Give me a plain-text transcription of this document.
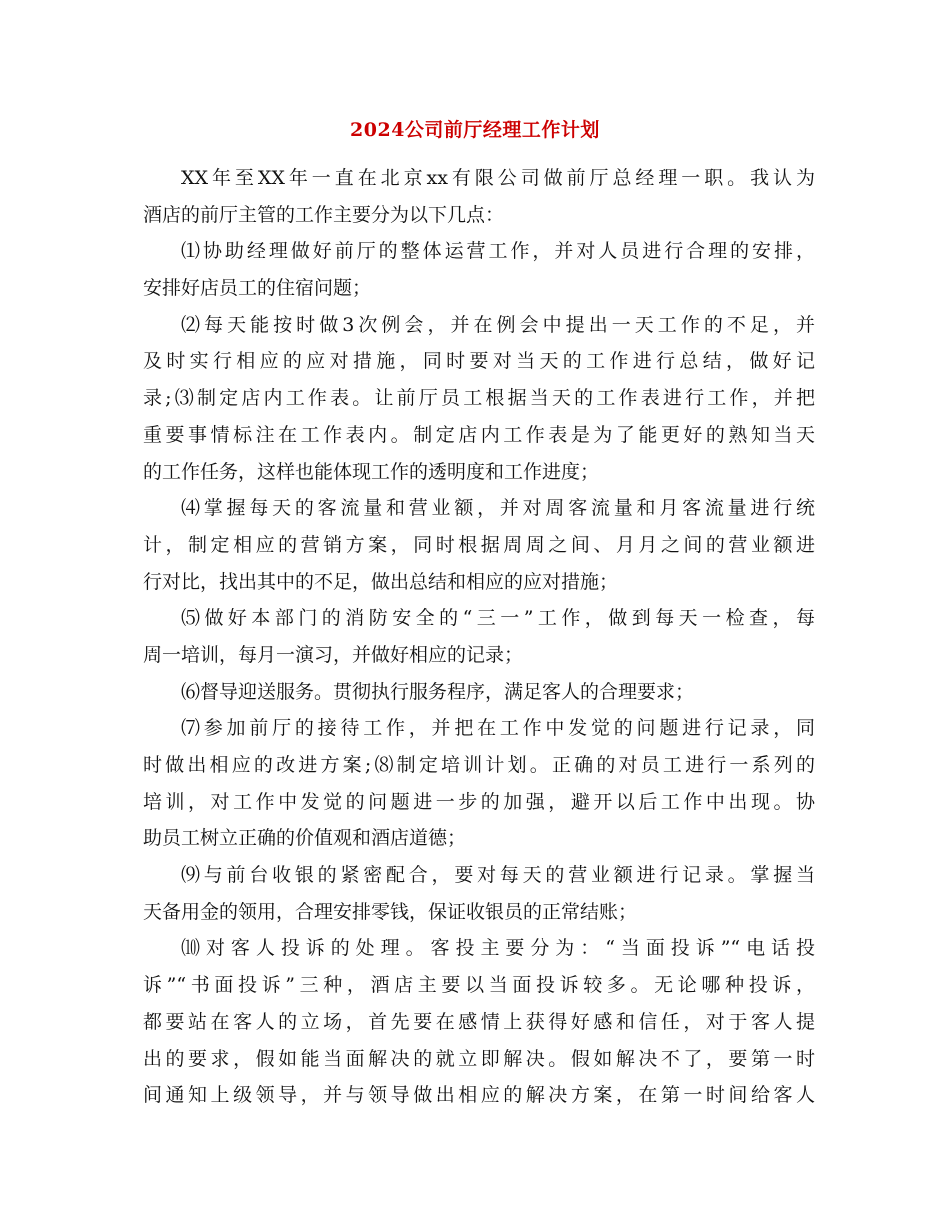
2024公司前厅经理工作计划
XX年至XX年一直在北京xx有限公司做前厅总经理一职。我认为
酒店的前厅主管的工作主要分为以下几点：
⑴协助经理做好前厅的整体运营工作，并对人员进行合理的安排，
安排好店员工的住宿问题；
⑵每天能按时做3次例会，并在例会中提出一天工作的不足，并
及时实行相应的应对措施，同时要对当天的工作进行总结，做好记
录;⑶制定店内工作表。让前厅员工根据当天的工作表进行工作，并把
重要事情标注在工作表内。制定店内工作表是为了能更好的熟知当天
的工作任务，这样也能体现工作的透明度和工作进度；
⑷掌握每天的客流量和营业额，并对周客流量和月客流量进行统
计，制定相应的营销方案，同时根据周周之间、月月之间的营业额进
行对比，找出其中的不足，做出总结和相应的应对措施；
⑸做好本部门的消防安全的“三一”工作，做到每天一检查，每
周一培训，每月一演习，并做好相应的记录；
⑹督导迎送服务。贯彻执行服务程序，满足客人的合理要求；
⑺参加前厅的接待工作，并把在工作中发觉的问题进行记录，同
时做出相应的改进方案;⑻制定培训计划。正确的对员工进行一系列的
培训，对工作中发觉的问题进一步的加强，避开以后工作中出现。协
助员工树立正确的价值观和酒店道德；
⑼与前台收银的紧密配合，要对每天的营业额进行记录。掌握当
天备用金的领用，合理安排零钱，保证收银员的正常结账；
⑽对客人投诉的处理。客投主要分为：“当面投诉”“电话投
诉”“书面投诉”三种，酒店主要以当面投诉较多。无论哪种投诉，
都要站在客人的立场，首先要在感情上获得好感和信任，对于客人提
出的要求，假如能当面解决的就立即解决。假如解决不了，要第一时
间通知上级领导，并与领导做出相应的解决方案，在第一时间给客人
